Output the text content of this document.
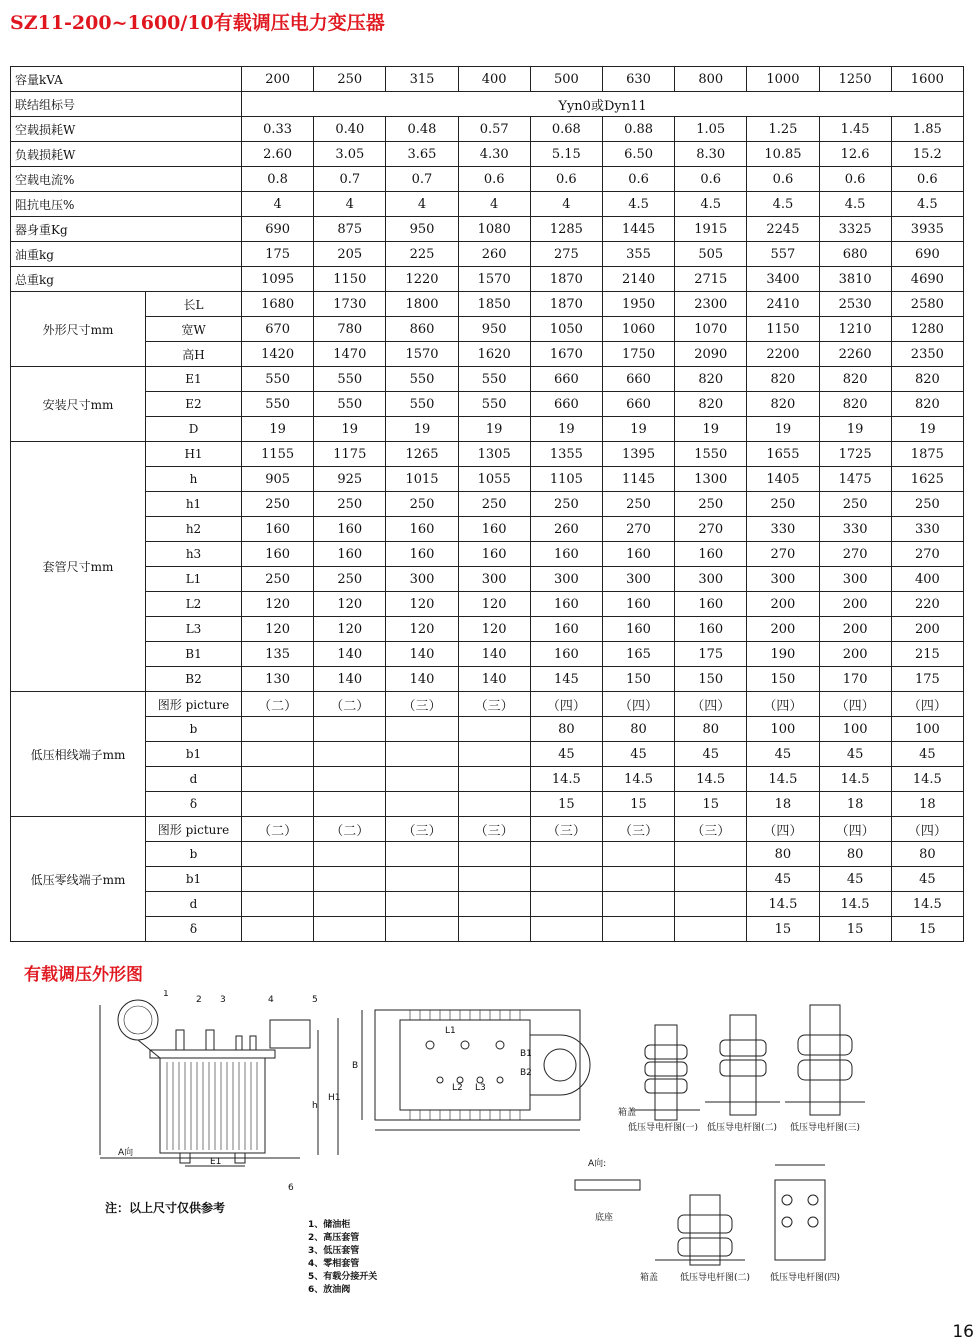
SZ11-200~1600/10有载调压电力变压器
容量kVA		200	250	315	400	500	630	800	1000	1250	1600
联结组标号		Yyn0或Dyn11									
空载损耗W		0.33	0.40	0.48	0.57	0.68	0.88	1.05	1.25	1.45	1.85
负载损耗W		2.60	3.05	3.65	4.30	5.15	6.50	8.30	10.85	12.6	15.2
空载电流%		0.8	0.7	0.7	0.6	0.6	0.6	0.6	0.6	0.6	0.6
阻抗电压%		4	4	4	4	4	4.5	4.5	4.5	4.5	4.5
器身重Kg		690	875	950	1080	1285	1445	1915	2245	3325	3935
油重kg		175	205	225	260	275	355	505	557	680	690
总重kg		1095	1150	1220	1570	1870	2140	2715	3400	3810	4690
外形尺寸mm	长L	1680	1730	1800	1850	1870	1950	2300	2410	2530	2580
	宽W	670	780	860	950	1050	1060	1070	1150	1210	1280
	高H	1420	1470	1570	1620	1670	1750	2090	2200	2260	2350
安装尺寸mm	E1	550	550	550	550	660	660	820	820	820	820
	E2	550	550	550	550	660	660	820	820	820	820
	D	19	19	19	19	19	19	19	19	19	19
套管尺寸mm	H1	1155	1175	1265	1305	1355	1395	1550	1655	1725	1875
	h	905	925	1015	1055	1105	1145	1300	1405	1475	1625
	h1	250	250	250	250	250	250	250	250	250	250
	h2	160	160	160	160	260	270	270	330	330	330
	h3	160	160	160	160	160	160	160	270	270	270
	L1	250	250	300	300	300	300	300	300	300	400
	L2	120	120	120	120	160	160	160	200	200	220
	L3	120	120	120	120	160	160	160	200	200	200
	B1	135	140	140	140	160	165	175	190	200	215
	B2	130	140	140	140	145	150	150	150	170	175
低压相线端子mm	图形 picture	（二）	（二）	（三）	（三）	（四）	（四）	（四）	（四）	（四）	（四）
	b					80	80	80	100	100	100
	b1					45	45	45	45	45	45
	d					14.5	14.5	14.5	14.5	14.5	14.5
	δ					15	15	15	18	18	18
低压零线端子mm	图形 picture	（二）	（二）	（三）	（三）	（三）	（三）	（三）	（四）	（四）	（四）
	b								80	80	80
	b1								45	45	45
	d								14.5	14.5	14.5
	δ								15	15	15
有载调压外形图
1
2 3	4	5
6
h
H1
E1
A向
B
L1
L2 L3
B1
B2
箱盖
低压导电杆图(一) 低压导电杆图(二) 低压导电杆图(三)
A向:
底座
箱盖 低压导电杆图(二) 低压导电杆图(四)
注：以上尺寸仅供参考
1、储油柜
2、高压套管
3、低压套管
4、零相套管
5、有载分接开关
6、放油阀
16
